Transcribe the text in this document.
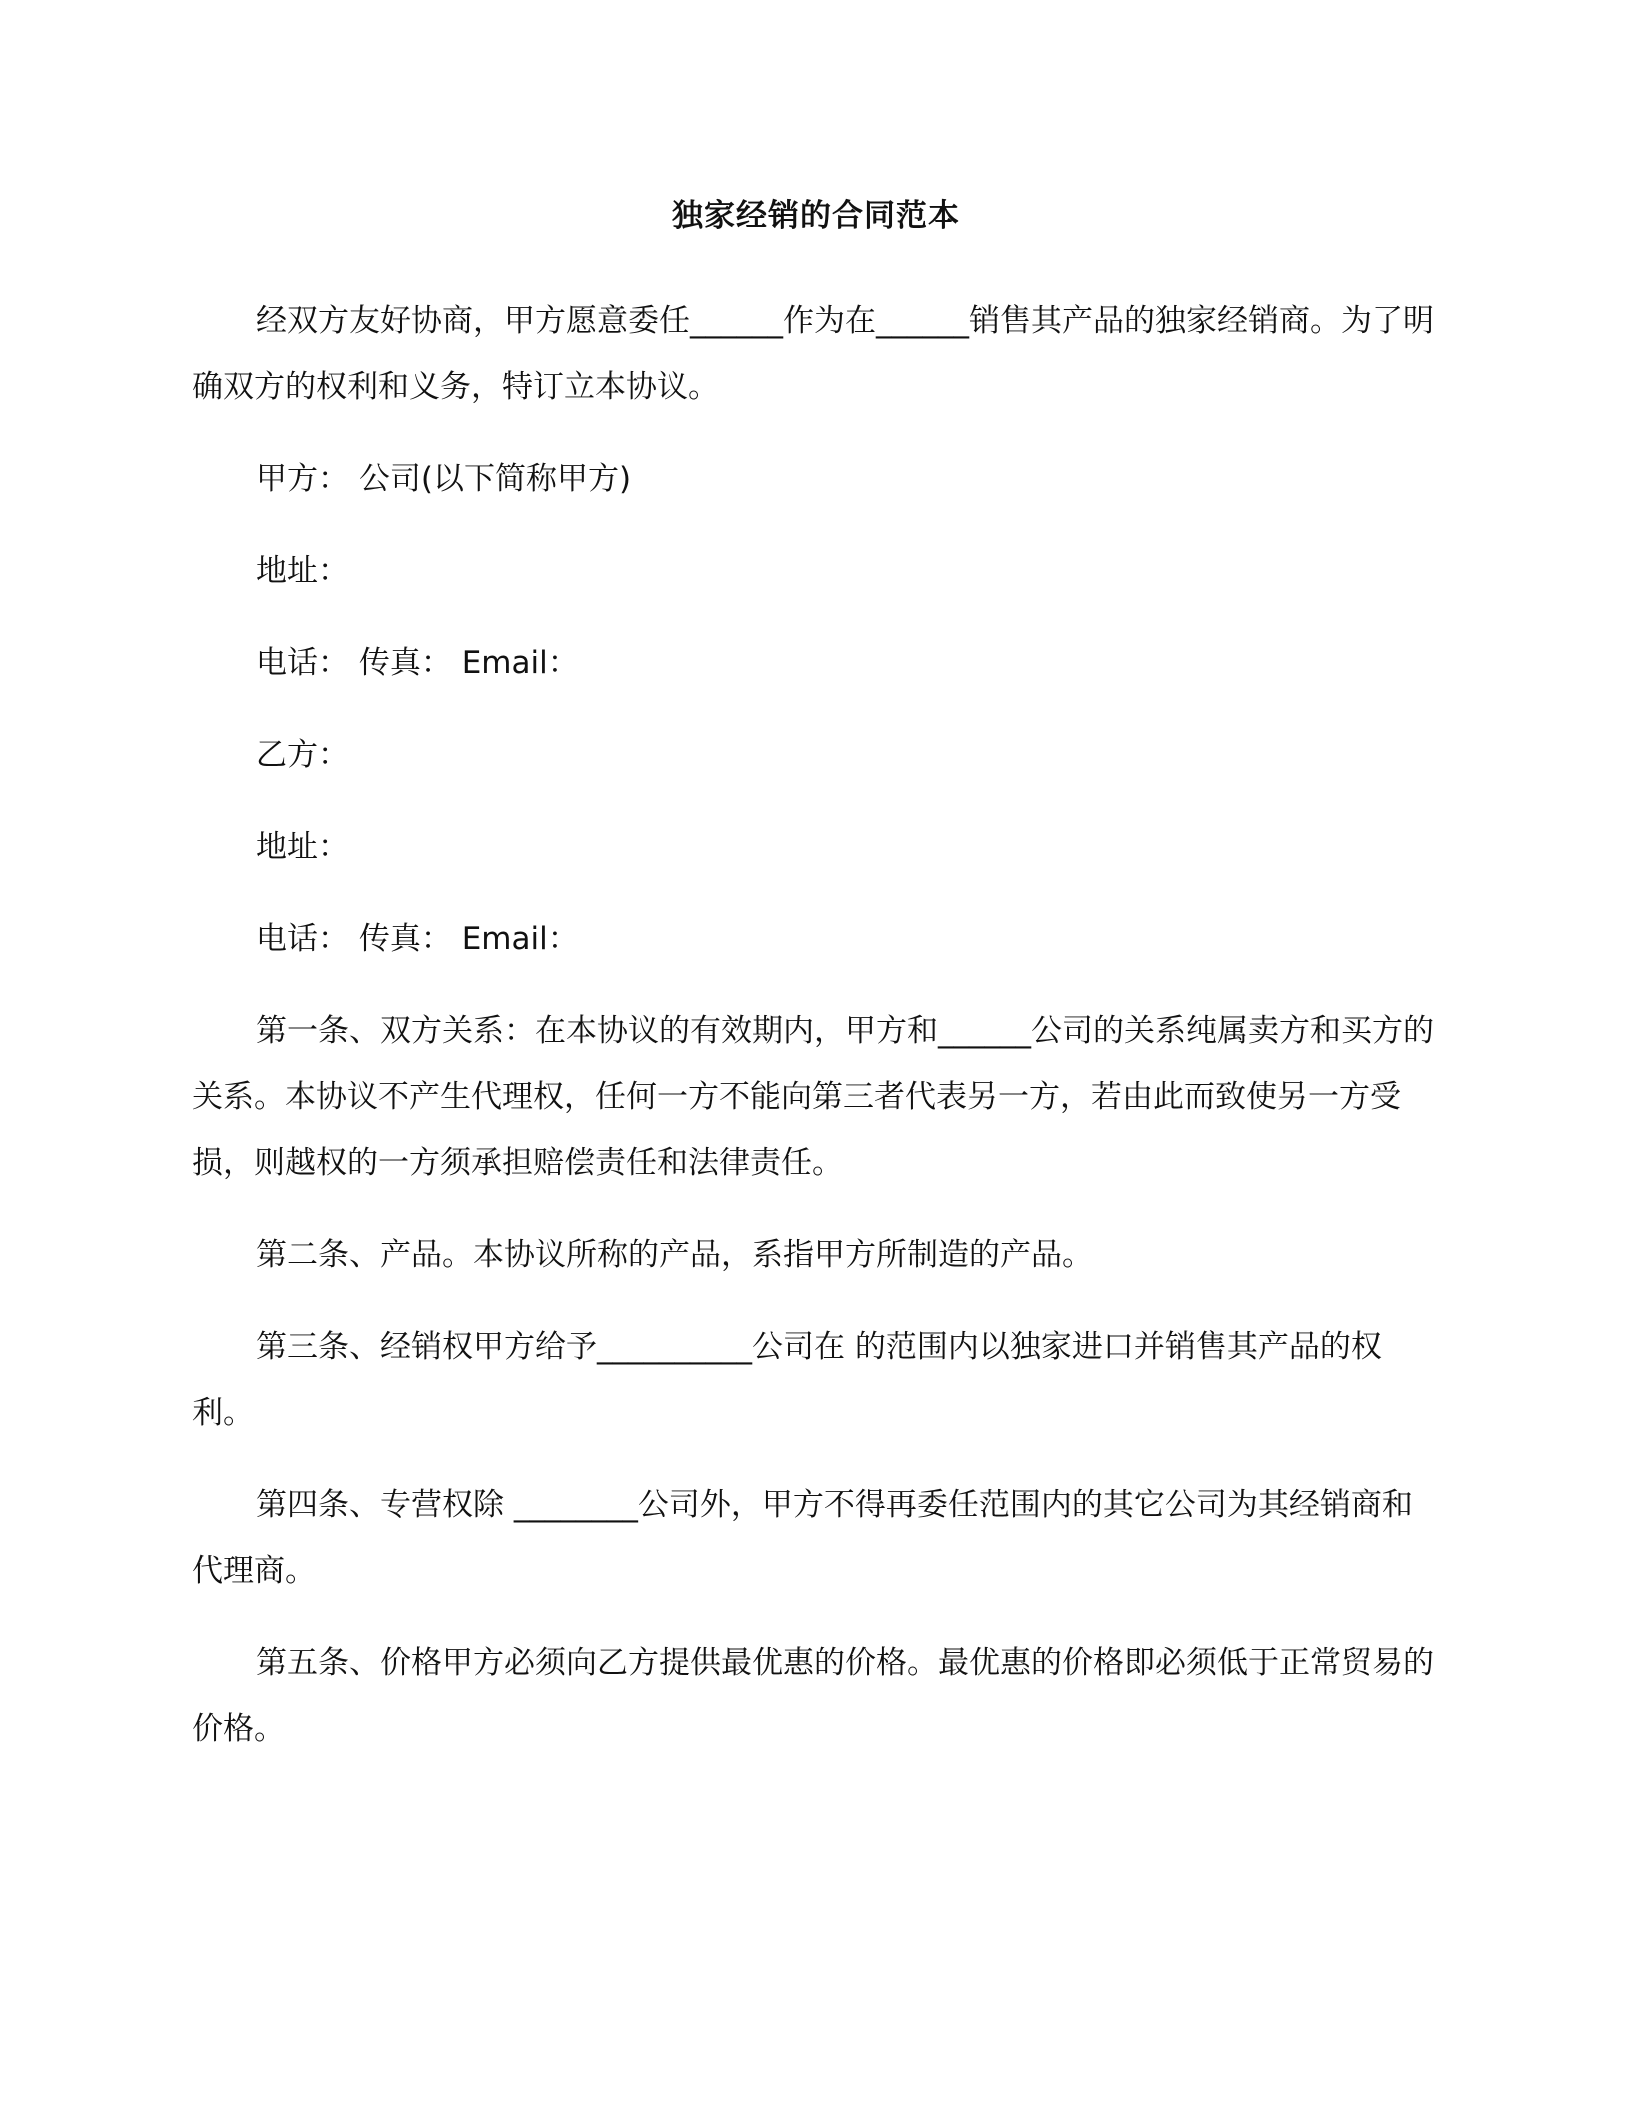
独家经销的合同范本

经双方友好协商，甲方愿意委任______作为在______销售其产品的独家经销商。为了明确双方的权利和义务，特订立本协议。

甲方： 公司(以下简称甲方)

地址：

电话： 传真： Email：

乙方：

地址：

电话： 传真： Email：

第一条、双方关系：在本协议的有效期内，甲方和______公司的关系纯属卖方和买方的关系。本协议不产生代理权，任何一方不能向第三者代表另一方，若由此而致使另一方受损，则越权的一方须承担赔偿责任和法律责任。

第二条、产品。本协议所称的产品，系指甲方所制造的产品。

第三条、经销权甲方给予__________公司在 的范围内以独家进口并销售其产品的权利。

第四条、专营权除 ________公司外，甲方不得再委任范围内的其它公司为其经销商和代理商。

第五条、价格甲方必须向乙方提供最优惠的价格。最优惠的价格即必须低于正常贸易的价格。
